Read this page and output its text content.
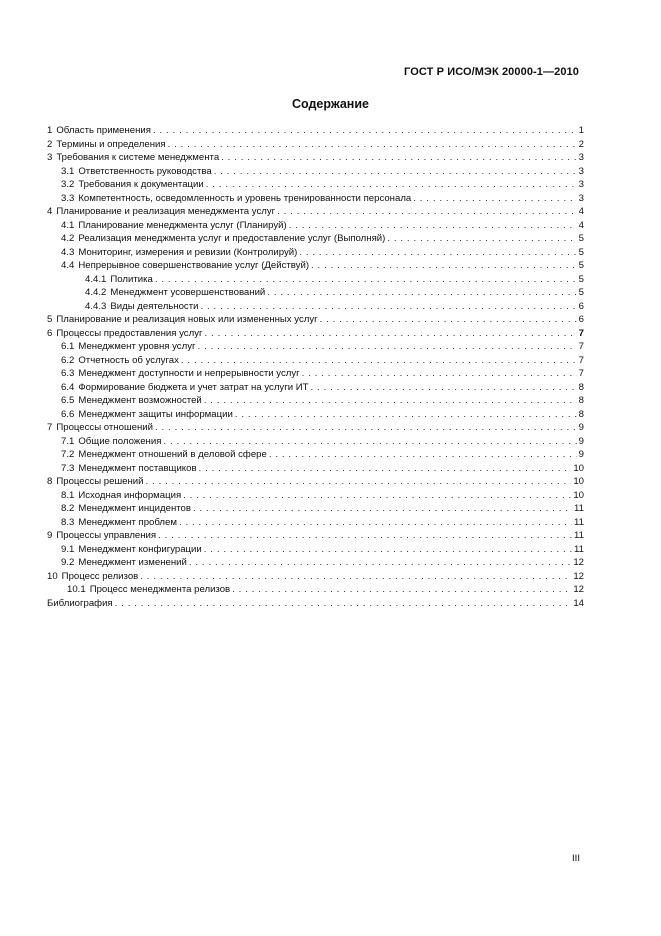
ГОСТ Р ИСО/МЭК 20000-1—2010
Содержание
1 Область применения . . .	1
2 Термины и определения . . .	2
3 Требования к системе менеджмента . . .	3
3.1 Ответственность руководства . . .	3
3.2 Требования к документации . . .	3
3.3 Компетентность, осведомленность и уровень тренированности персонала . . .	3
4 Планирование и реализация менеджмента услуг . . .	4
4.1 Планирование менеджмента услуг (Планируй) . . .	4
4.2 Реализация менеджмента услуг и предоставление услуг (Выполняй) . . .	5
4.3 Мониторинг, измерения и ревизии (Контролируй) . . .	5
4.4 Непрерывное совершенствование услуг (Действуй) . . .	5
4.4.1 Политика . . .	5
4.4.2 Менеджмент усовершенствований . . .	5
4.4.3 Виды деятельности . . .	6
5 Планирование и реализация новых или измененных услуг . . .	6
6 Процессы предоставления услуг . . .	7
6.1 Менеджмент уровня услуг . . .	7
6.2 Отчетность об услугах . . .	7
6.3 Менеджмент доступности и непрерывности услуг . . .	7
6.4 Формирование бюджета и учет затрат на услуги ИТ . . .	8
6.5 Менеджмент возможностей . . .	8
6.6 Менеджмент защиты информации . . .	8
7 Процессы отношений . . .	9
7.1 Общие положения . . .	9
7.2 Менеджмент отношений в деловой сфере . . .	9
7.3 Менеджмент поставщиков . . .	10
8 Процессы решений . . .	10
8.1 Исходная информация . . .	10
8.2 Менеджмент инцидентов . . .	11
8.3 Менеджмент проблем . . .	11
9 Процессы управления . . .	11
9.1 Менеджмент конфигурации . . .	11
9.2 Менеджмент изменений . . .	12
10 Процесс релизов . . .	12
10.1 Процесс менеджмента релизов . . .	12
Библиография . . .	14
III
